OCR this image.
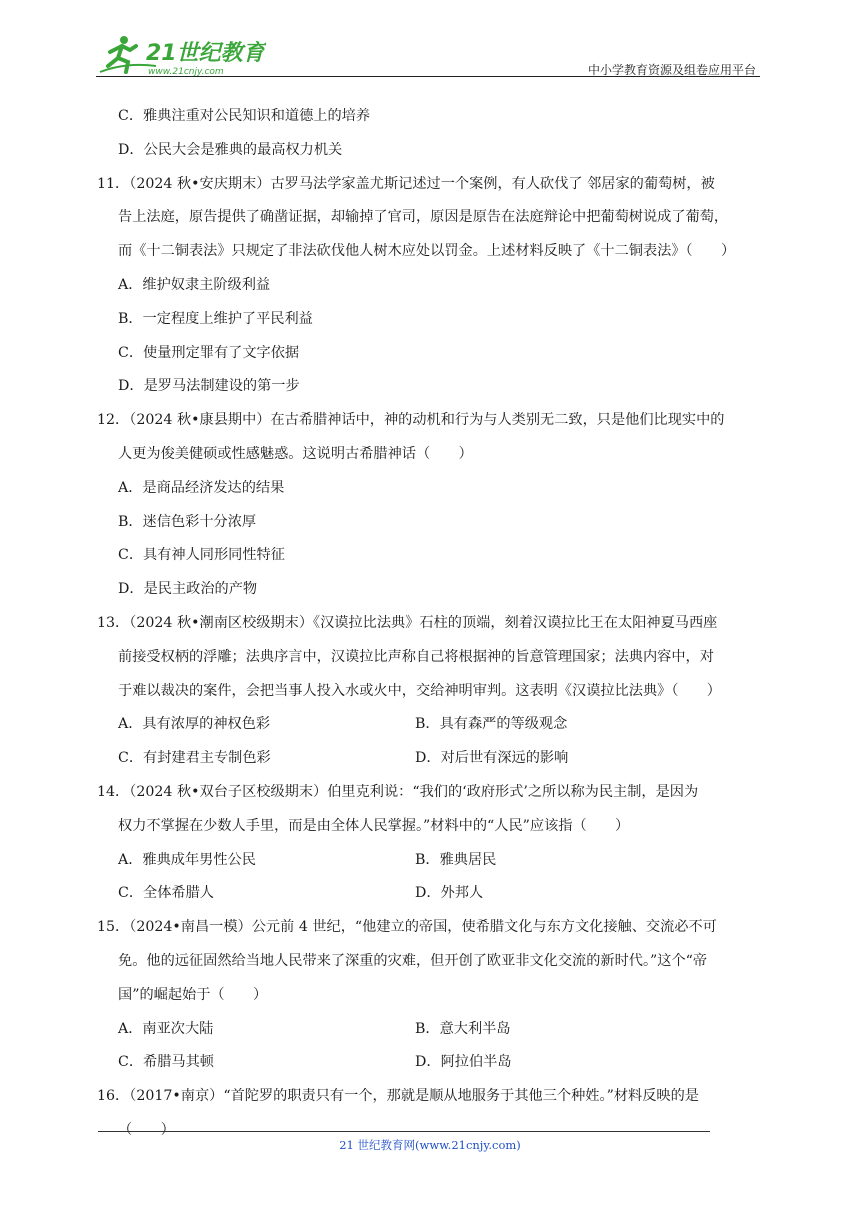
21世纪教育
www.21cnjy.com	中小学教育资源及组卷应用平台
C．雅典注重对公民知识和道德上的培养
D．公民大会是雅典的最高权力机关
11．（2024 秋•安庆期末）古罗马法学家盖尤斯记述过一个案例，有人砍伐了 邻居家的葡萄树，被
告上法庭，原告提供了确凿证据，却输掉了官司，原因是原告在法庭辩论中把葡萄树说成了葡萄，
而《十二铜表法》只规定了非法砍伐他人树木应处以罚金。上述材料反映了《十二铜表法》（　　）
A．维护奴隶主阶级利益
B．一定程度上维护了平民利益
C．使量刑定罪有了文字依据
D．是罗马法制建设的第一步
12．（2024 秋•康县期中）在古希腊神话中，神的动机和行为与人类别无二致，只是他们比现实中的
人更为俊美健硕或性感魅惑。这说明古希腊神话（　　）
A．是商品经济发达的结果
B．迷信色彩十分浓厚
C．具有神人同形同性特征
D．是民主政治的产物
13．（2024 秋•潮南区校级期末）《汉谟拉比法典》石柱的顶端，刻着汉谟拉比王在太阳神夏马西座
前接受权柄的浮雕；法典序言中，汉谟拉比声称自己将根据神的旨意管理国家；法典内容中，对
于难以裁决的案件，会把当事人投入水或火中，交给神明审判。这表明《汉谟拉比法典》（　　）
A．具有浓厚的神权色彩	B．具有森严的等级观念
C．有封建君主专制色彩	D．对后世有深远的影响
14．（2024 秋•双台子区校级期末）伯里克利说：“我们的‘政府形式’之所以称为民主制，是因为
权力不掌握在少数人手里，而是由全体人民掌握。”材料中的“人民”应该指（　　）
A．雅典成年男性公民	B．雅典居民
C．全体希腊人	D．外邦人
15．（2024•南昌一模）公元前 4 世纪，“他建立的帝国，使希腊文化与东方文化接触、交流必不可
免。他的远征固然给当地人民带来了深重的灾难，但开创了欧亚非文化交流的新时代。”这个“帝
国”的崛起始于（　　）
A．南亚次大陆	B．意大利半岛
C．希腊马其顿	D．阿拉伯半岛
16．（2017•南京）“首陀罗的职责只有一个，那就是顺从地服务于其他三个种姓。”材料反映的是
（　　）
21 世纪教育网(www.21cnjy.com)
